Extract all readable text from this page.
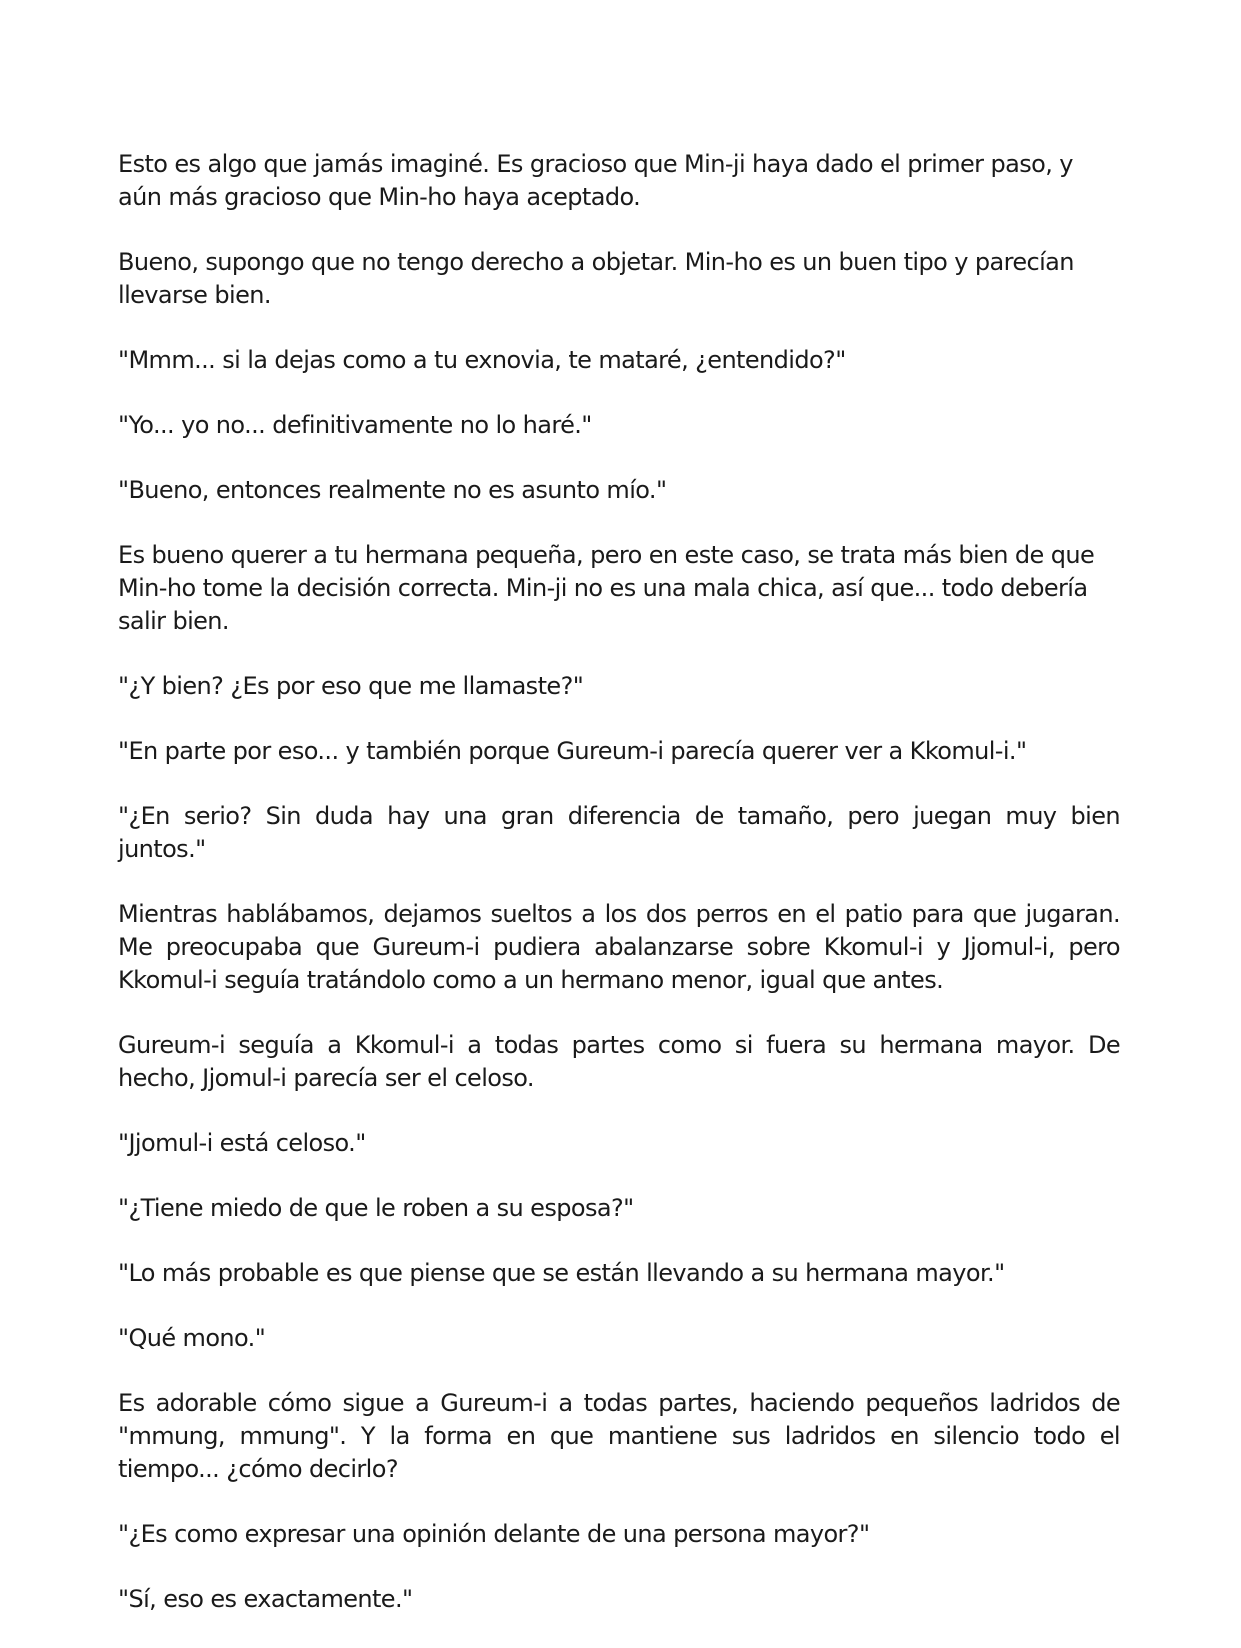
Esto es algo que jamás imaginé. Es gracioso que Min-ji haya dado el primer paso, y aún más gracioso que Min-ho haya aceptado.

Bueno, supongo que no tengo derecho a objetar. Min-ho es un buen tipo y parecían llevarse bien.

"Mmm... si la dejas como a tu exnovia, te mataré, ¿entendido?"

"Yo... yo no... definitivamente no lo haré."

"Bueno, entonces realmente no es asunto mío."

Es bueno querer a tu hermana pequeña, pero en este caso, se trata más bien de que Min-ho tome la decisión correcta. Min-ji no es una mala chica, así que... todo debería salir bien.

"¿Y bien? ¿Es por eso que me llamaste?"

"En parte por eso... y también porque Gureum-i parecía querer ver a Kkomul-i."

"¿En serio? Sin duda hay una gran diferencia de tamaño, pero juegan muy bien juntos."

Mientras hablábamos, dejamos sueltos a los dos perros en el patio para que jugaran. Me preocupaba que Gureum-i pudiera abalanzarse sobre Kkomul-i y Jjomul-i, pero Kkomul-i seguía tratándolo como a un hermano menor, igual que antes.

Gureum-i seguía a Kkomul-i a todas partes como si fuera su hermana mayor. De hecho, Jjomul-i parecía ser el celoso.

"Jjomul-i está celoso."

"¿Tiene miedo de que le roben a su esposa?"

"Lo más probable es que piense que se están llevando a su hermana mayor."

"Qué mono."

Es adorable cómo sigue a Gureum-i a todas partes, haciendo pequeños ladridos de "mmung, mmung". Y la forma en que mantiene sus ladridos en silencio todo el tiempo... ¿cómo decirlo?

"¿Es como expresar una opinión delante de una persona mayor?"

"Sí, eso es exactamente."
